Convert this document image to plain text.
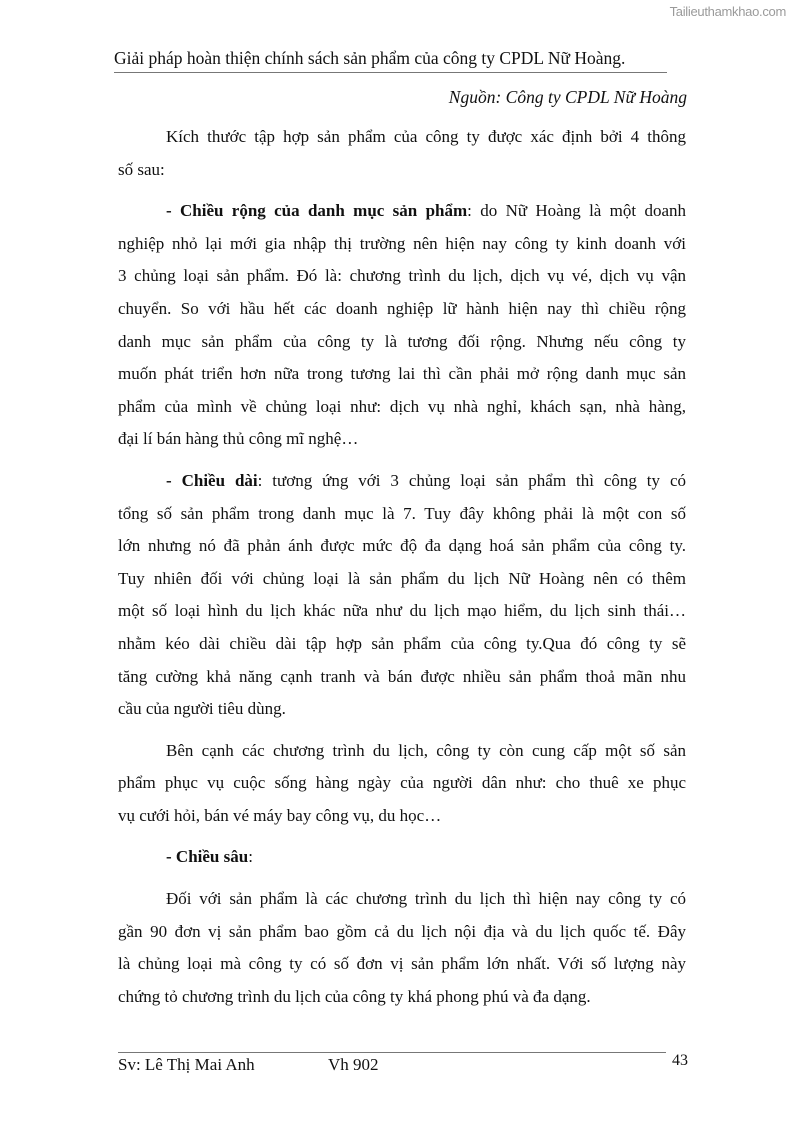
Tailieuthamkhao.com
Giải pháp hoàn thiện chính sách sản phẩm của công ty CPDL Nữ Hoàng.
Nguồn: Công ty CPDL Nữ Hoàng
Kích thước tập hợp sản phẩm của công ty được xác định bởi 4 thông
số sau:
- Chiều rộng của danh mục sản phẩm: do Nữ Hoàng là một doanh
nghiệp nhỏ lại mới gia nhập thị trường nên hiện nay công ty kinh doanh với
3 chủng loại sản phẩm. Đó là: chương trình du lịch, dịch vụ vé, dịch vụ vận
chuyển. So với hầu hết các doanh nghiệp lữ hành hiện nay thì chiều rộng
danh mục sản phẩm của công ty là tương đối rộng. Nhưng nếu công ty
muốn phát triển hơn nữa trong tương lai thì cần phải mở rộng danh mục sản
phẩm của mình về chủng loại như: dịch vụ nhà nghỉ, khách sạn, nhà hàng,
đại lí bán hàng thủ công mĩ nghệ…
- Chiều dài: tương ứng với 3 chủng loại sản phẩm thì công ty có
tổng số sản phẩm trong danh mục là 7. Tuy đây không phải là một con số
lớn nhưng nó đã phản ánh được mức độ đa dạng hoá sản phẩm của công ty.
Tuy nhiên đối với chủng loại là sản phẩm du lịch Nữ Hoàng nên có thêm
một số loại hình du lịch khác nữa như du lịch mạo hiểm, du lịch sinh thái…
nhằm kéo dài chiều dài tập hợp sản phẩm của công ty.Qua đó công ty sẽ
tăng cường khả năng cạnh tranh và bán được nhiều sản phẩm thoả mãn nhu
cầu của người tiêu dùng.
Bên cạnh các chương trình du lịch, công ty còn cung cấp một số sản
phẩm phục vụ cuộc sống hàng ngày của người dân như: cho thuê xe phục
vụ cưới hỏi, bán vé máy bay công vụ, du học…
- Chiều sâu:
Đối với sản phẩm là các chương trình du lịch thì hiện nay công ty có
gần 90 đơn vị sản phẩm bao gồm cả du lịch nội địa và du lịch quốc tế. Đây
là chủng loại mà công ty có số đơn vị sản phẩm lớn nhất. Với số lượng này
chứng tỏ chương trình du lịch của công ty khá phong phú và đa dạng.
Sv: Lê Thị Mai Anh	Vh 902	43
